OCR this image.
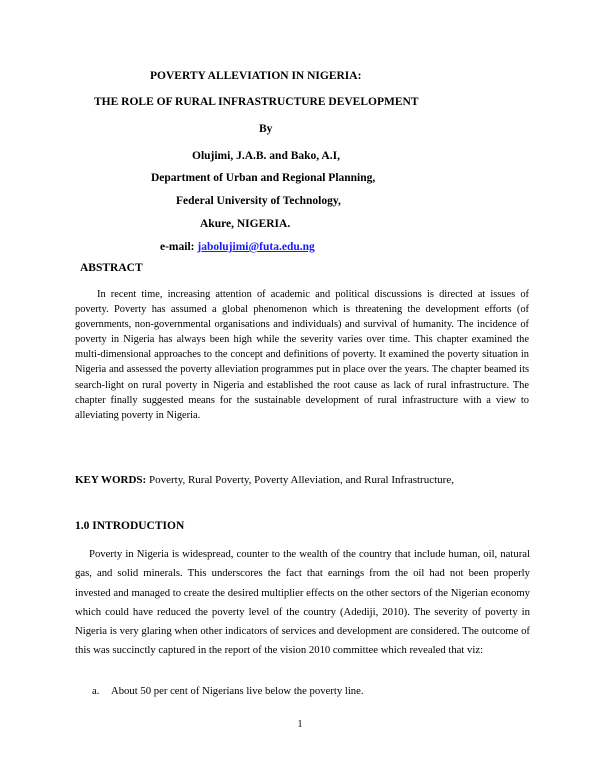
POVERTY ALLEVIATION IN NIGERIA:
THE ROLE OF RURAL INFRASTRUCTURE DEVELOPMENT
By
Olujimi, J.A.B. and Bako, A.I,
Department of Urban and Regional Planning,
Federal University of Technology,
Akure, NIGERIA.
e-mail: jabolujimi@futa.edu.ng
ABSTRACT

In recent time, increasing attention of academic and political discussions is directed at issues of poverty. Poverty has assumed a global phenomenon which is threatening the development efforts (of governments, non-governmental organisations and individuals) and survival of humanity. The incidence of poverty in Nigeria has always been high while the severity varies over time. This chapter examined the multi-dimensional approaches to the concept and definitions of poverty. It examined the poverty situation in Nigeria and assessed the poverty alleviation programmes put in place over the years. The chapter beamed its search-light on rural poverty in Nigeria and established the root cause as lack of rural infrastructure. The chapter finally suggested means for the sustainable development of rural infrastructure with a view to alleviating poverty in Nigeria.

KEY WORDS: Poverty, Rural Poverty, Poverty Alleviation, and Rural Infrastructure,
1.0 INTRODUCTION

Poverty in Nigeria is widespread, counter to the wealth of the country that include human, oil, natural gas, and solid minerals. This underscores the fact that earnings from the oil had not been properly invested and managed to create the desired multiplier effects on the other sectors of the Nigerian economy which could have reduced the poverty level of the country (Adediji, 2010). The severity of poverty in Nigeria is very glaring when other indicators of services and development are considered. The outcome of this was succinctly captured in the report of the vision 2010 committee which revealed that viz:

a. About 50 per cent of Nigerians live below the poverty line.
1
